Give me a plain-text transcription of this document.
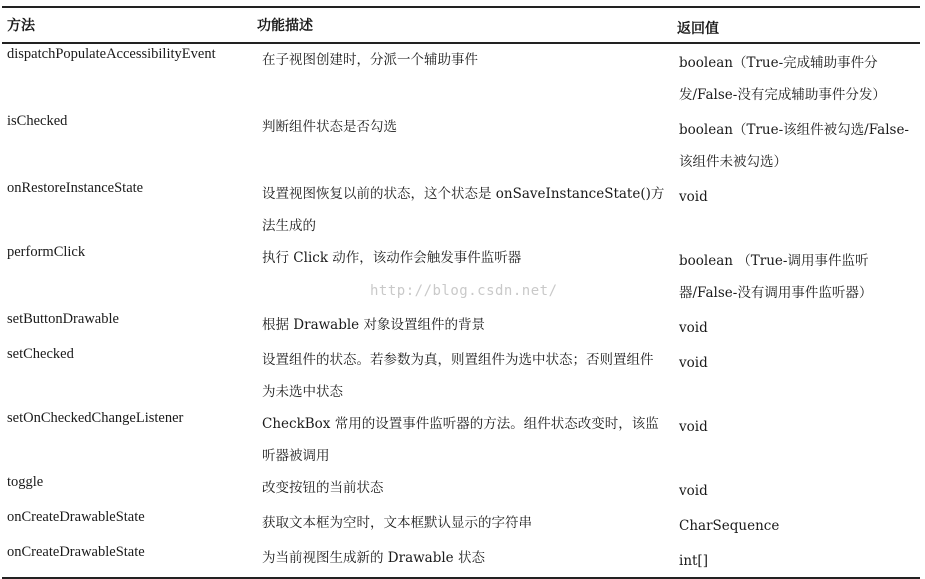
方法	功能描述	返回值
dispatchPopulateAccessibilityEvent	在子视图创建时，分派一个辅助事件	boolean（True-完成辅助事件分发/False-没有完成辅助事件分发）
isChecked	判断组件状态是否勾选	boolean（True-该组件被勾选/False-该组件未被勾选）
onRestoreInstanceState	设置视图恢复以前的状态，这个状态是 onSaveInstanceState()方法生成的	void
performClick	执行 Click 动作，该动作会触发事件监听器	boolean （True-调用事件监听器/False-没有调用事件监听器）
setButtonDrawable	根据 Drawable 对象设置组件的背景	void
setChecked	设置组件的状态。若参数为真，则置组件为选中状态；否则置组件为未选中状态	void
setOnCheckedChangeListener	CheckBox 常用的设置事件监听器的方法。组件状态改变时，该监听器被调用	void
toggle	改变按钮的当前状态	void
onCreateDrawableState	获取文本框为空时，文本框默认显示的字符串	CharSequence
onCreateDrawableState	为当前视图生成新的 Drawable 状态	int[]
http://blog.csdn.net/
